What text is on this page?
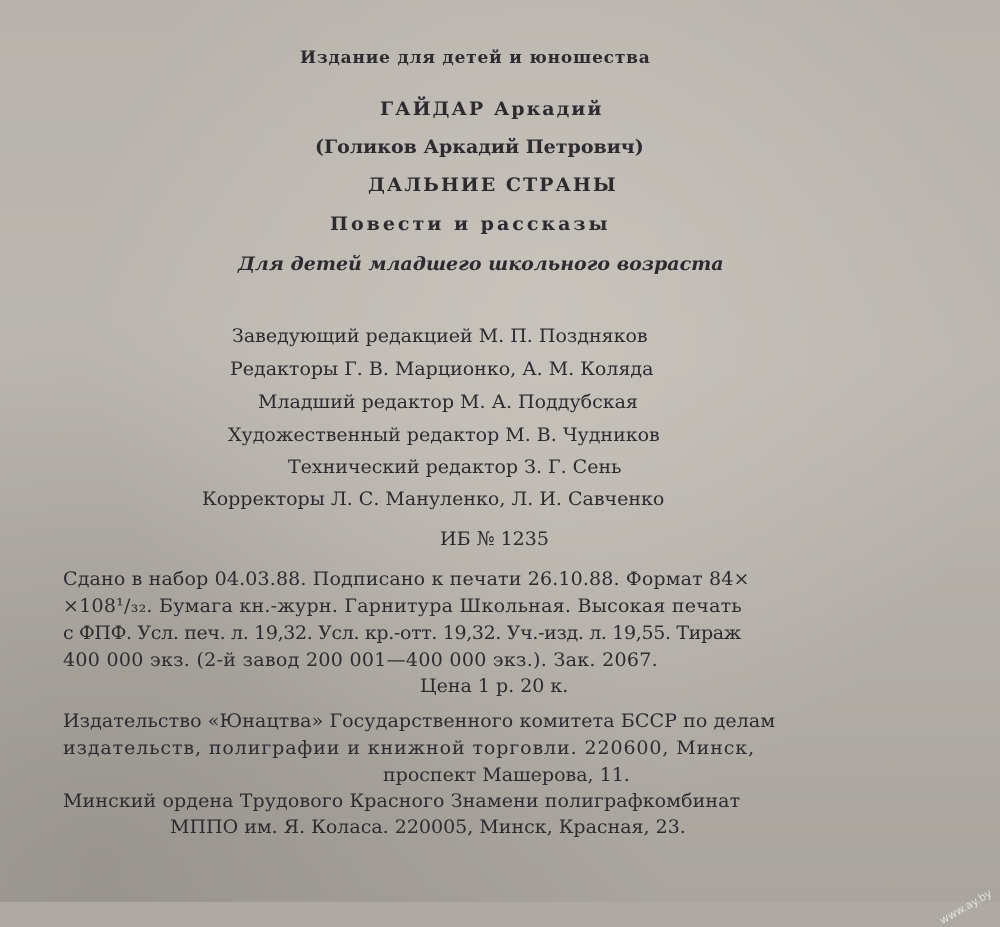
Издание для детей и юношества
ГАЙДАР Аркадий
(Голиков Аркадий Петрович)
ДАЛЬНИЕ СТРАНЫ
Повести и рассказы
Для детей младшего школьного возраста
Заведующий редакцией М. П. Поздняков
Редакторы Г. В. Марционко, А. М. Коляда
Младший редактор М. А. Поддубская
Художественный редактор М. В. Чудников
Технический редактор З. Г. Сень
Корректоры Л. С. Мануленко, Л. И. Савченко
ИБ № 1235
Сдано в набор 04.03.88. Подписано к печати 26.10.88. Формат 84×
×108¹/₃₂. Бумага кн.-журн. Гарнитура Школьная. Высокая печать
с ФПФ. Усл. печ. л. 19,32. Усл. кр.-отт. 19,32. Уч.-изд. л. 19,55. Тираж
400 000 экз. (2-й завод 200 001—400 000 экз.). Зак. 2067.
Цена 1 р. 20 к.
Издательство «Юнацтва» Государственного комитета БССР по делам
издательств, полиграфии и книжной торговли. 220600, Минск,
проспект Машерова, 11.
Минский ордена Трудового Красного Знамени полиграфкомбинат
МППО им. Я. Коласа. 220005, Минск, Красная, 23.
www.ay.by
